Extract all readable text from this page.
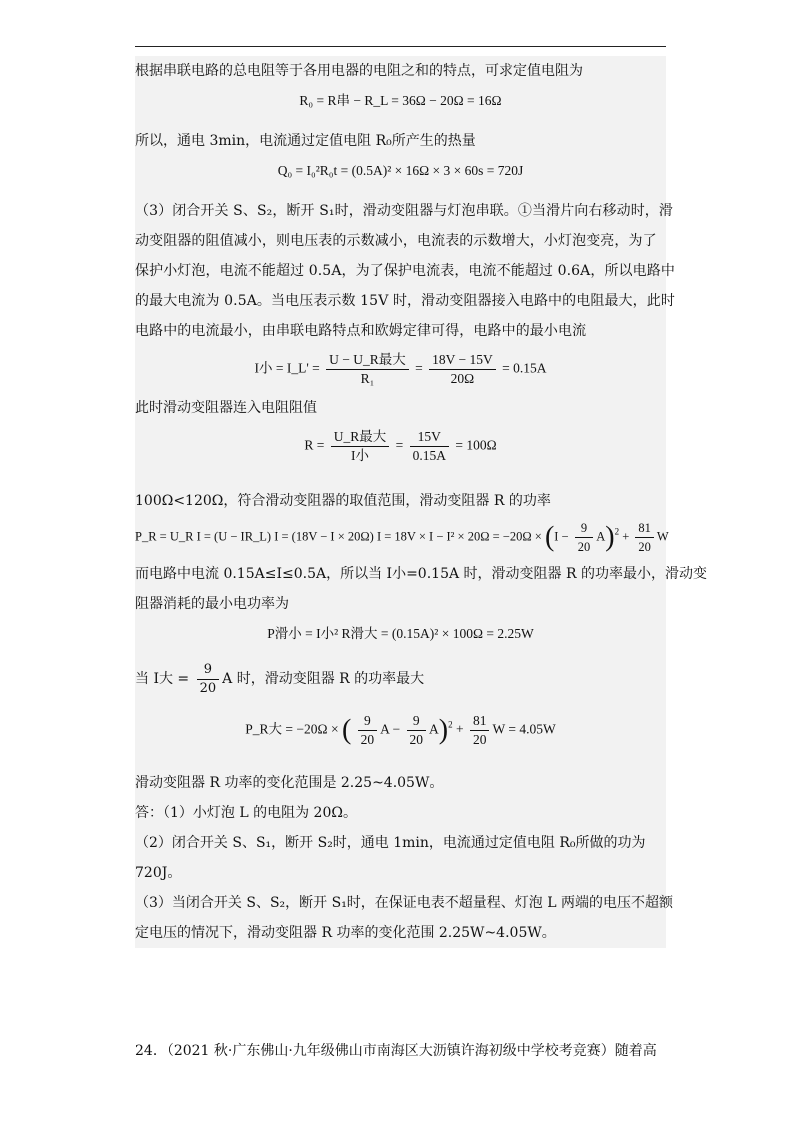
根据串联电路的总电阻等于各用电器的电阻之和的特点，可求定值电阻为
R₀ = R串 − R_L = 36Ω − 20Ω = 16Ω
所以，通电 3min，电流通过定值电阻 R₀所产生的热量
Q₀ = I₀²R₀t = (0.5A)² × 16Ω × 3 × 60s = 720J
（3）闭合开关 S、S₂，断开 S₁时，滑动变阻器与灯泡串联。①当滑片向右移动时，滑
动变阻器的阻值减小，则电压表的示数减小，电流表的示数增大，小灯泡变亮，为了
保护小灯泡，电流不能超过 0.5A，为了保护电流表，电流不能超过 0.6A，所以电路中
的最大电流为 0.5A。当电压表示数 15V 时，滑动变阻器接入电路中的电阻最大，此时
电路中的电流最小，由串联电路特点和欧姆定律可得，电路中的最小电流
I小 = I_L' = $\frac{\text{U − U\_R最大}}{\text{R₁}} = \frac{18V - 15V}{20\Omega} = 0.15A$
此时滑动变阻器连入电阻阻值
$R = \frac{\text{U\_R最大}}{\text{I小}} = \frac{15V}{0.15A} = 100\Omega$
100Ω<120Ω，符合滑动变阻器的取值范围，滑动变阻器 R 的功率
P_R = U_R I = (U − IR_L) I = (18V − I × 20Ω) $I = 18V \times I - I^2 \times 20\Omega = -20\Omega \times (I - \frac{9}{20} A)^2 + \frac{81}{20}$ W
而电路中电流 0.15A≤I≤0.5A，所以当 I小=0.15A 时，滑动变阻器 R 的功率最小，滑动变
阻器消耗的最小电功率为
P滑小 = I小² R滑大 = (0.15A)² × 100Ω = 2.25W
当 I大 = $\frac{9}{20}$ A 时，滑动变阻器 R 的功率最大
P_R大 = −20Ω × ( $\frac{9}{20}$ $A - \frac{9}{20} A)^2 + \frac{81}{20}$ W = 4.05W
滑动变阻器 R 功率的变化范围是 2.25~4.05W。
答：（1）小灯泡 L 的电阻为 20Ω。
（2）闭合开关 S、S₁，断开 S₂时，通电 1min，电流通过定值电阻 R₀所做的功为
720J。
（3）当闭合开关 S、S₂，断开 S₁时，在保证电表不超量程、灯泡 L 两端的电压不超额
定电压的情况下，滑动变阻器 R 功率的变化范围 2.25W~4.05W。
24．（2021 秋·广东佛山·九年级佛山市南海区大沥镇许海初级中学校考竞赛）随着高
